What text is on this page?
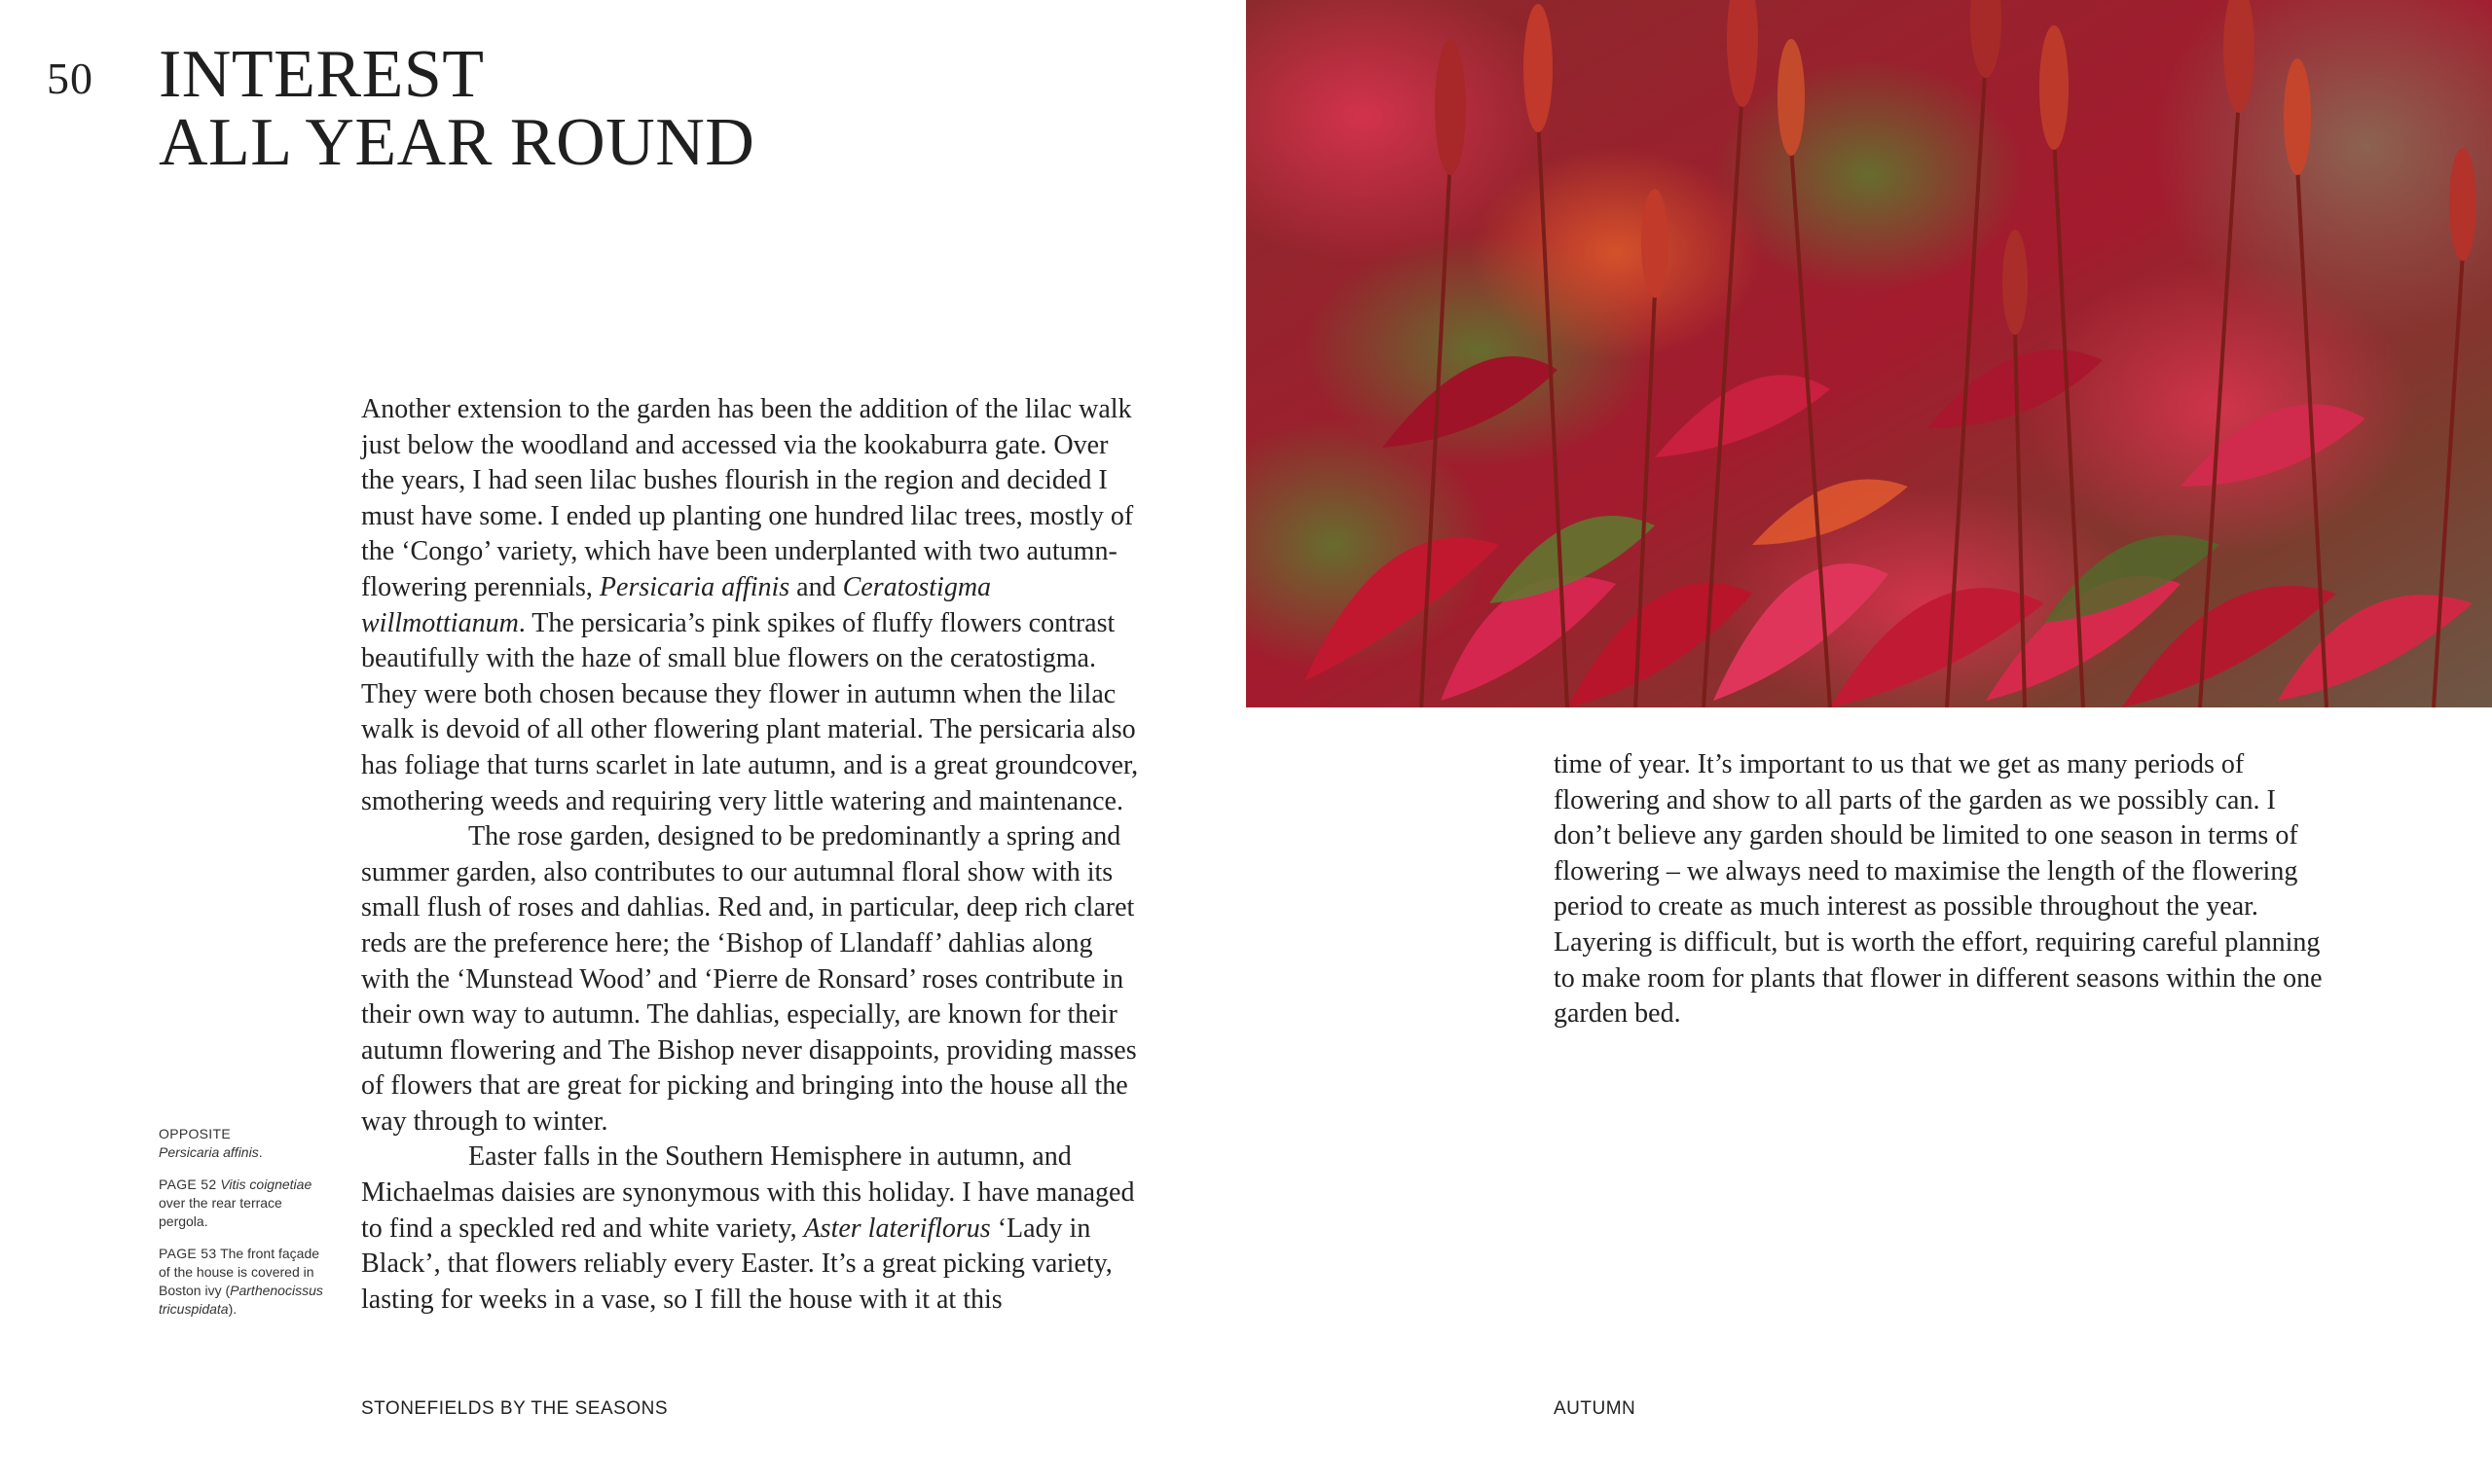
50 INTEREST
ALL YEAR ROUND

Another extension to the garden has been the addition of the lilac walk just below the woodland and accessed via the kookaburra gate. Over the years, I had seen lilac bushes flourish in the region and decided I must have some. I ended up planting one hundred lilac trees, mostly of the ‘Congo’ variety, which have been underplanted with two autumn-flowering perennials, Persicaria affinis and Ceratostigma willmottianum. The persicaria’s pink spikes of fluffy flowers contrast beautifully with the haze of small blue flowers on the ceratostigma. They were both chosen because they flower in autumn when the lilac walk is devoid of all other flowering plant material. The persicaria also has foliage that turns scarlet in late autumn, and is a great groundcover, smothering weeds and requiring very little watering and maintenance.

The rose garden, designed to be predominantly a spring and summer garden, also contributes to our autumnal floral show with its small flush of roses and dahlias. Red and, in particular, deep rich claret reds are the preference here; the ‘Bishop of Llandaff’ dahlias along with the ‘Munstead Wood’ and ‘Pierre de Ronsard’ roses contribute in their own way to autumn. The dahlias, especially, are known for their autumn flowering and The Bishop never disappoints, providing masses of flowers that are great for picking and bringing into the house all the way through to winter.

Easter falls in the Southern Hemisphere in autumn, and Michaelmas daisies are synonymous with this holiday. I have managed to find a speckled red and white variety, Aster lateriflorus ‘Lady in Black’, that flowers reliably every Easter. It’s a great picking variety, lasting for weeks in a vase, so I fill the house with it at this

OPPOSITE
Persicaria affinis.

PAGE 52 Vitis coignetiae over the rear terrace pergola.

PAGE 53 The front façade of the house is covered in Boston ivy (Parthenocissus tricuspidata).

STONEFIELDS BY THE SEASONS

time of year. It’s important to us that we get as many periods of flowering and show to all parts of the garden as we possibly can. I don’t believe any garden should be limited to one season in terms of flowering – we always need to maximise the length of the flowering period to create as much interest as possible throughout the year. Layering is difficult, but is worth the effort, requiring careful planning to make room for plants that flower in different seasons within the one garden bed.

AUTUMN
